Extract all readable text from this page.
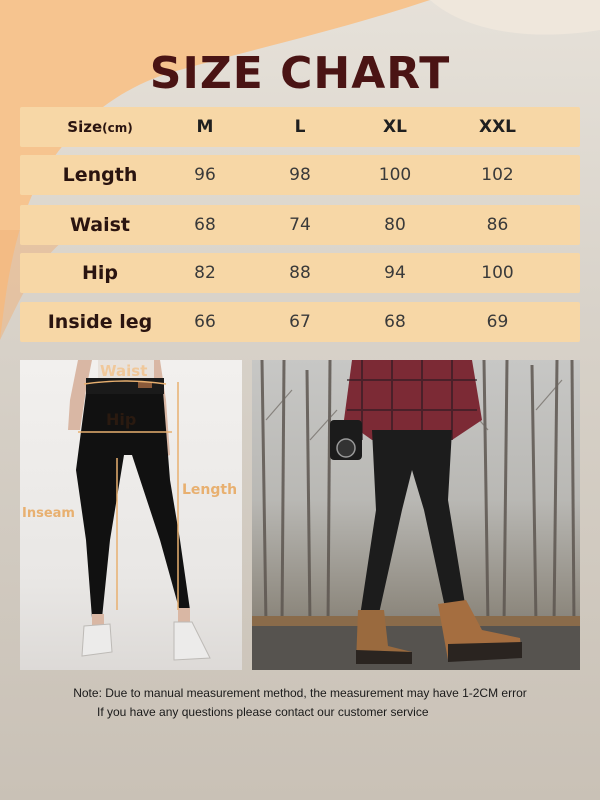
SIZE CHART
Size(cm)	M	L	XL	XXL
Length	96	98	100	102
Waist	68	74	80	86
Hip	82	88	94	100
Inside leg	66	67	68	69
Waist
Hip
Length
Inseam
Note: Due to manual measurement method, the measurement may have 1-2CM error
If you have any questions please contact our customer service
